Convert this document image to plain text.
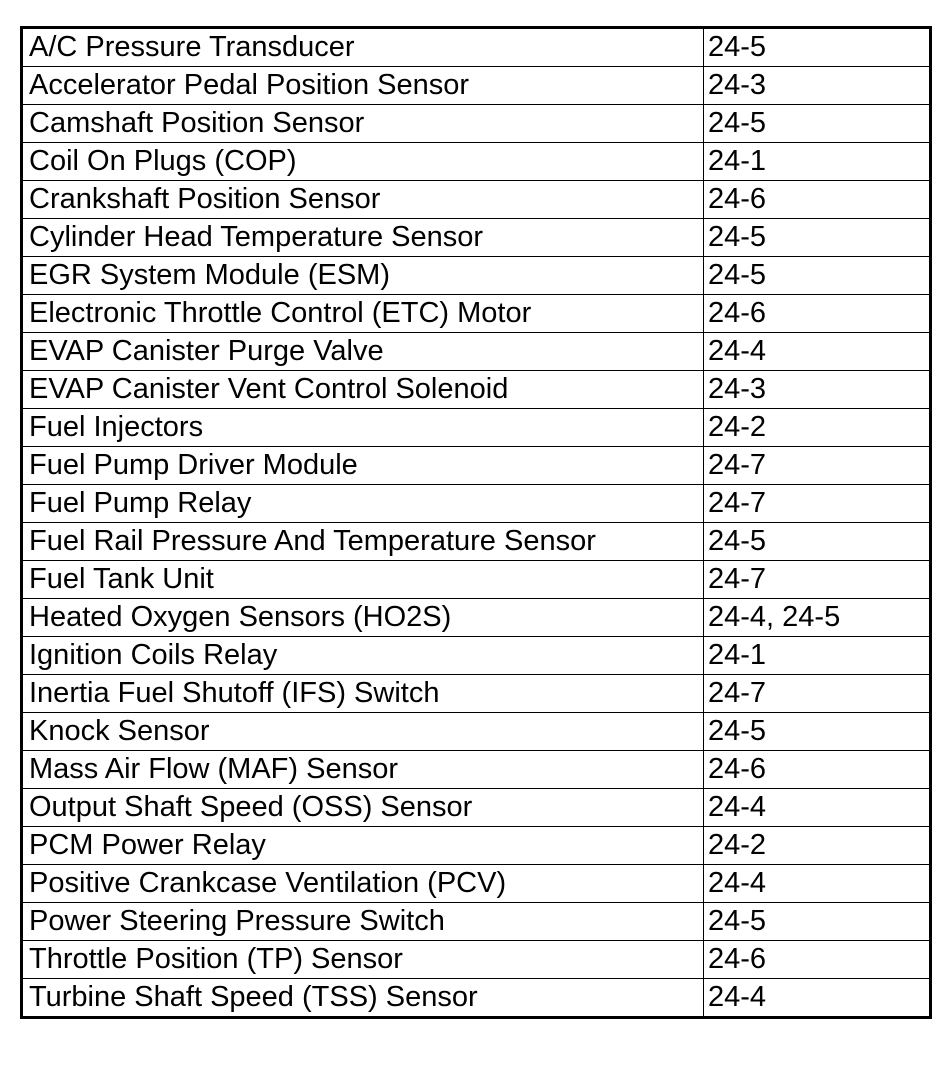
A/C Pressure Transducer	24-5
Accelerator Pedal Position Sensor	24-3
Camshaft Position Sensor	24-5
Coil On Plugs (COP)	24-1
Crankshaft Position Sensor	24-6
Cylinder Head Temperature Sensor	24-5
EGR System Module (ESM)	24-5
Electronic Throttle Control (ETC) Motor	24-6
EVAP Canister Purge Valve	24-4
EVAP Canister Vent Control Solenoid	24-3
Fuel Injectors	24-2
Fuel Pump Driver Module	24-7
Fuel Pump Relay	24-7
Fuel Rail Pressure And Temperature Sensor	24-5
Fuel Tank Unit	24-7
Heated Oxygen Sensors (HO2S)	24-4, 24-5
Ignition Coils Relay	24-1
Inertia Fuel Shutoff (IFS) Switch	24-7
Knock Sensor	24-5
Mass Air Flow (MAF) Sensor	24-6
Output Shaft Speed (OSS) Sensor	24-4
PCM Power Relay	24-2
Positive Crankcase Ventilation (PCV)	24-4
Power Steering Pressure Switch	24-5
Throttle Position (TP) Sensor	24-6
Turbine Shaft Speed (TSS) Sensor	24-4
